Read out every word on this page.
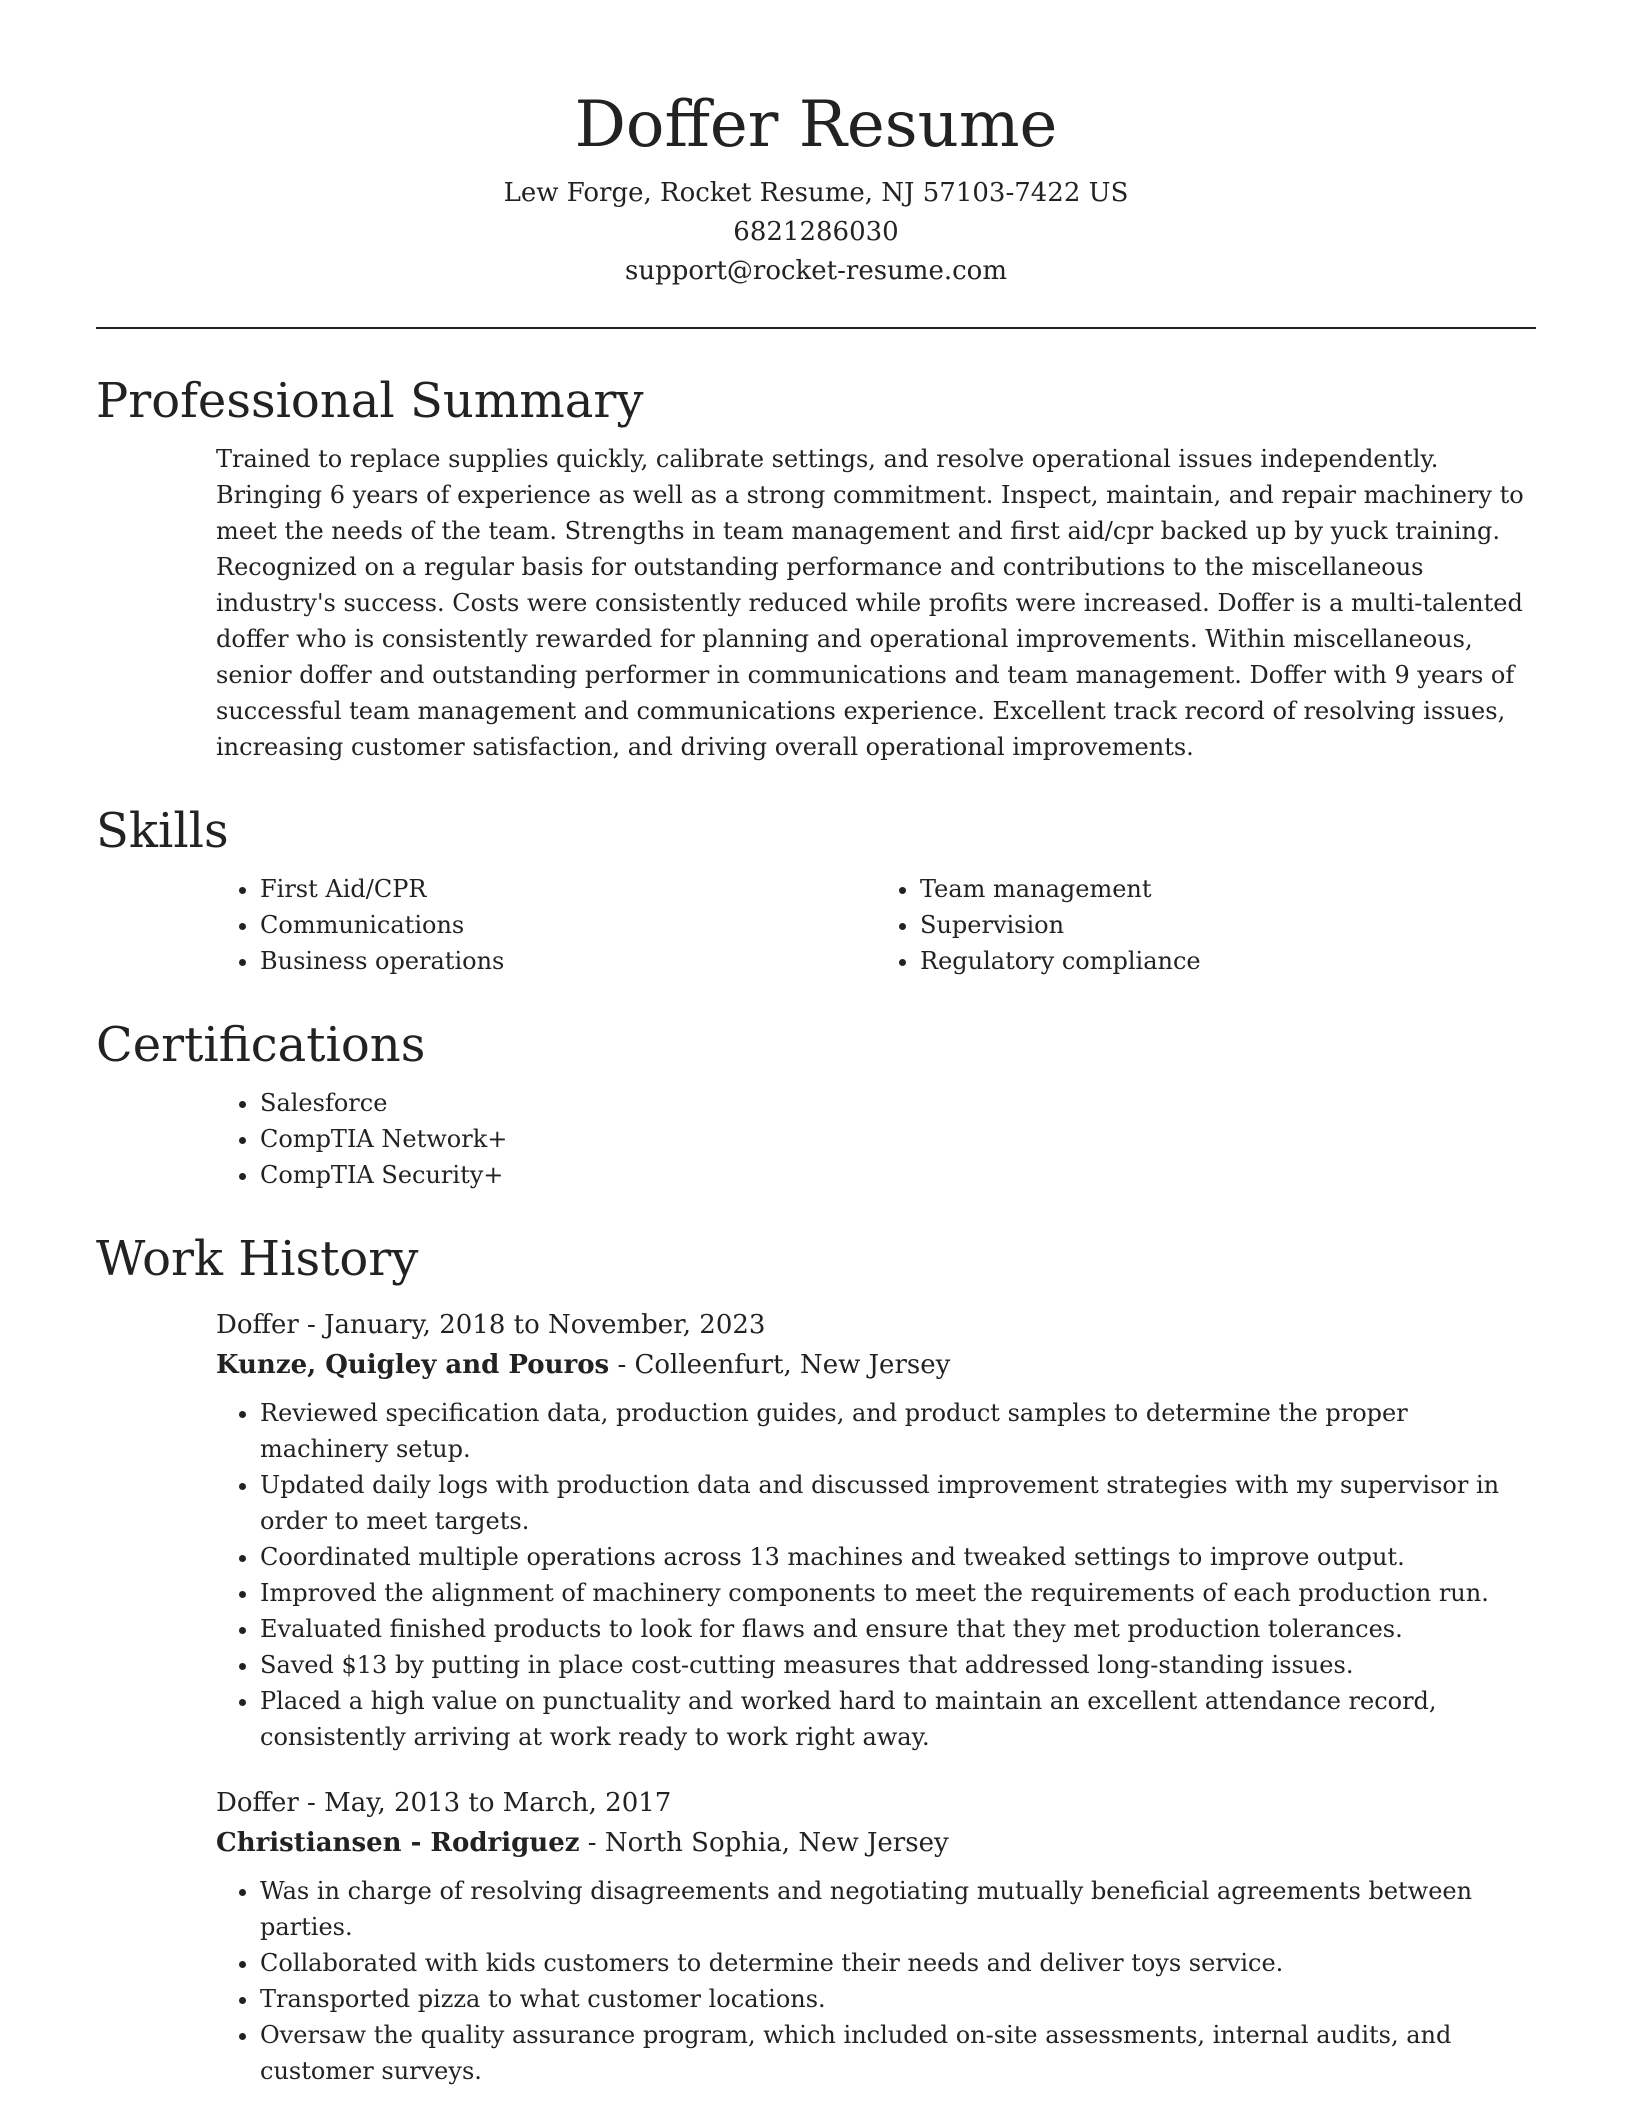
Doffer Resume
Lew Forge, Rocket Resume, NJ 57103-7422 US
6821286030
support@rocket-resume.com
Professional Summary

Trained to replace supplies quickly, calibrate settings, and resolve operational issues independently. Bringing 6 years of experience as well as a strong commitment. Inspect, maintain, and repair machinery to meet the needs of the team. Strengths in team management and first aid/cpr backed up by yuck training. Recognized on a regular basis for outstanding performance and contributions to the miscellaneous industry's success. Costs were consistently reduced while profits were increased. Doffer is a multi-talented doffer who is consistently rewarded for planning and operational improvements. Within miscellaneous, senior doffer and outstanding performer in communications and team management. Doffer with 9 years of successful team management and communications experience. Excellent track record of resolving issues, increasing customer satisfaction, and driving overall operational improvements.

Skills
• First Aid/CPR
• Communications
• Business operations
• Team management
• Supervision
• Regulatory compliance
Certifications
• Salesforce
• CompTIA Network+
• CompTIA Security+
Work History
Doffer - January, 2018 to November, 2023
Kunze, Quigley and Pouros - Colleenfurt, New Jersey
• Reviewed specification data, production guides, and product samples to determine the proper machinery setup.
• Updated daily logs with production data and discussed improvement strategies with my supervisor in order to meet targets.
• Coordinated multiple operations across 13 machines and tweaked settings to improve output.
• Improved the alignment of machinery components to meet the requirements of each production run.
• Evaluated finished products to look for flaws and ensure that they met production tolerances.
• Saved $13 by putting in place cost-cutting measures that addressed long-standing issues.
• Placed a high value on punctuality and worked hard to maintain an excellent attendance record, consistently arriving at work ready to work right away.
Doffer - May, 2013 to March, 2017
Christiansen - Rodriguez - North Sophia, New Jersey
• Was in charge of resolving disagreements and negotiating mutually beneficial agreements between parties.
• Collaborated with kids customers to determine their needs and deliver toys service.
• Transported pizza to what customer locations.
• Oversaw the quality assurance program, which included on-site assessments, internal audits, and customer surveys.
